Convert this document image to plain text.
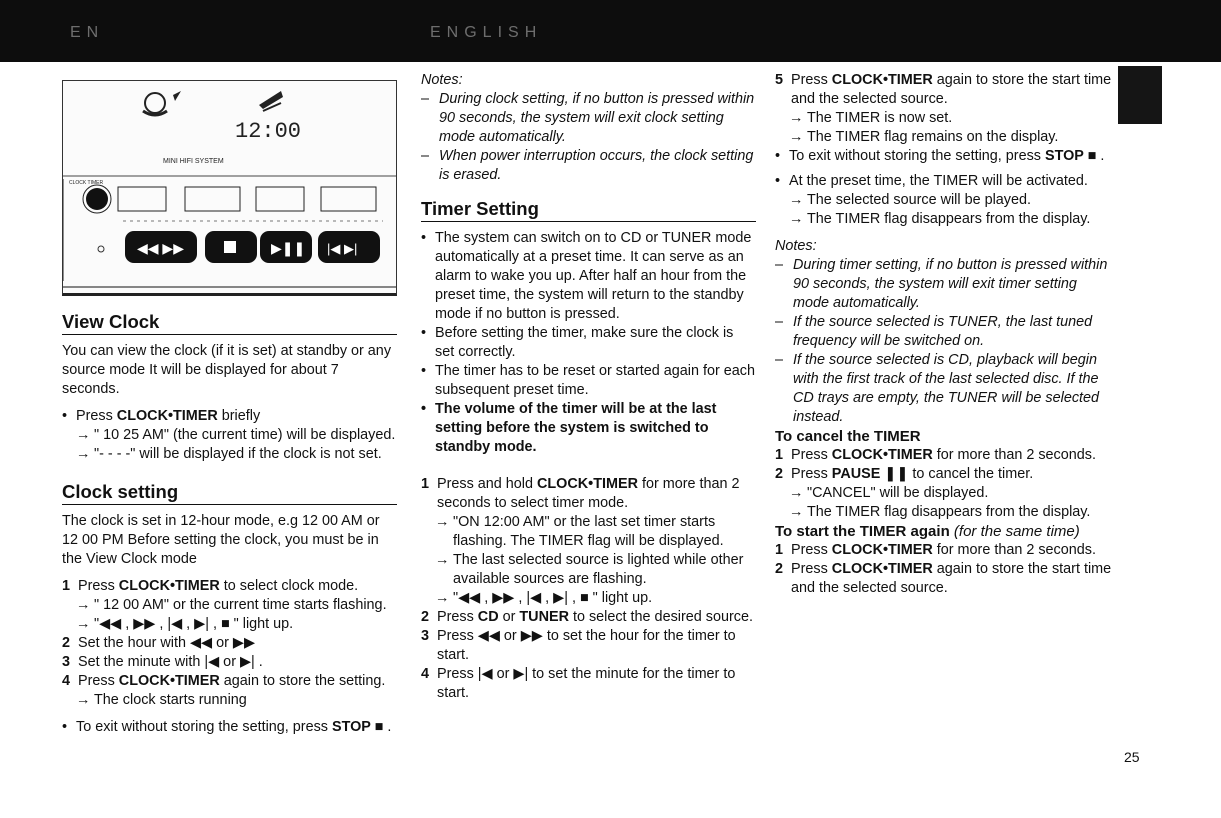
EN	ENGLISH
12:00
MINI HIFI SYSTEM
CLOCK TIMER
◀◀ ▶▶	▶❚❚ |◀ ▶|
View Clock

You can view the clock (if it is set) at standby or any source mode It will be displayed for about 7 seconds.

• Press CLOCK•TIMER briefly

→ " 10 25 AM" (the current time) will be displayed.

→ "- - - -" will be displayed if the clock is not set.

Clock setting

The clock is set in 12-hour mode, e.g 12 00 AM or 12 00 PM Before setting the clock, you must be in the View Clock mode

1 Press CLOCK•TIMER to select clock mode.

→ " 12 00 AM" or the current time starts flashing.

→ "◀◀ , ▶▶ , |◀ , ▶| , ■ " light up.

2 Set the hour with ◀◀ or ▶▶

3 Set the minute with |◀ or ▶| .

4 Press CLOCK•TIMER again to store the setting.

→ The clock starts running

• To exit without storing the setting, press STOP ■ .

Notes:

– During clock setting, if no button is pressed within 90 seconds, the system will exit clock setting mode automatically.

– When power interruption occurs, the clock setting is erased.

Timer Setting

• The system can switch on to CD or TUNER mode automatically at a preset time. It can serve as an alarm to wake you up. After half an hour from the preset time, the system will return to the standby mode if no button is pressed.

• Before setting the timer, make sure the clock is set correctly.

• The timer has to be reset or started again for each subsequent preset time.

• The volume of the timer will be at the last setting before the system is switched to standby mode.

1 Press and hold CLOCK•TIMER for more than 2 seconds to select timer mode.

→ "ON 12:00 AM" or the last set timer starts flashing. The TIMER flag will be displayed.

→ The last selected source is lighted while other available sources are flashing.

→ "◀◀ , ▶▶ , |◀ , ▶| , ■ " light up.

2 Press CD or TUNER to select the desired source.

3 Press ◀◀ or ▶▶ to set the hour for the timer to start.

4 Press |◀ or ▶| to set the minute for the timer to start.

5 Press CLOCK•TIMER again to store the start time and the selected source.

→ The TIMER is now set.

→ The TIMER flag remains on the display.

• To exit without storing the setting, press STOP ■ .

• At the preset time, the TIMER will be activated.

→ The selected source will be played.

→ The TIMER flag disappears from the display.

Notes:

– During timer setting, if no button is pressed within 90 seconds, the system will exit timer setting mode automatically.

– If the source selected is TUNER, the last tuned frequency will be switched on.

– If the source selected is CD, playback will begin with the first track of the last selected disc. If the CD trays are empty, the TUNER will be selected instead.

To cancel the TIMER

1 Press CLOCK•TIMER for more than 2 seconds.

2 Press PAUSE ❚❚ to cancel the timer.

→ "CANCEL" will be displayed.

→ The TIMER flag disappears from the display.

To start the TIMER again (for the same time)

1 Press CLOCK•TIMER for more than 2 seconds.

2 Press CLOCK•TIMER again to store the start time and the selected source.

25
